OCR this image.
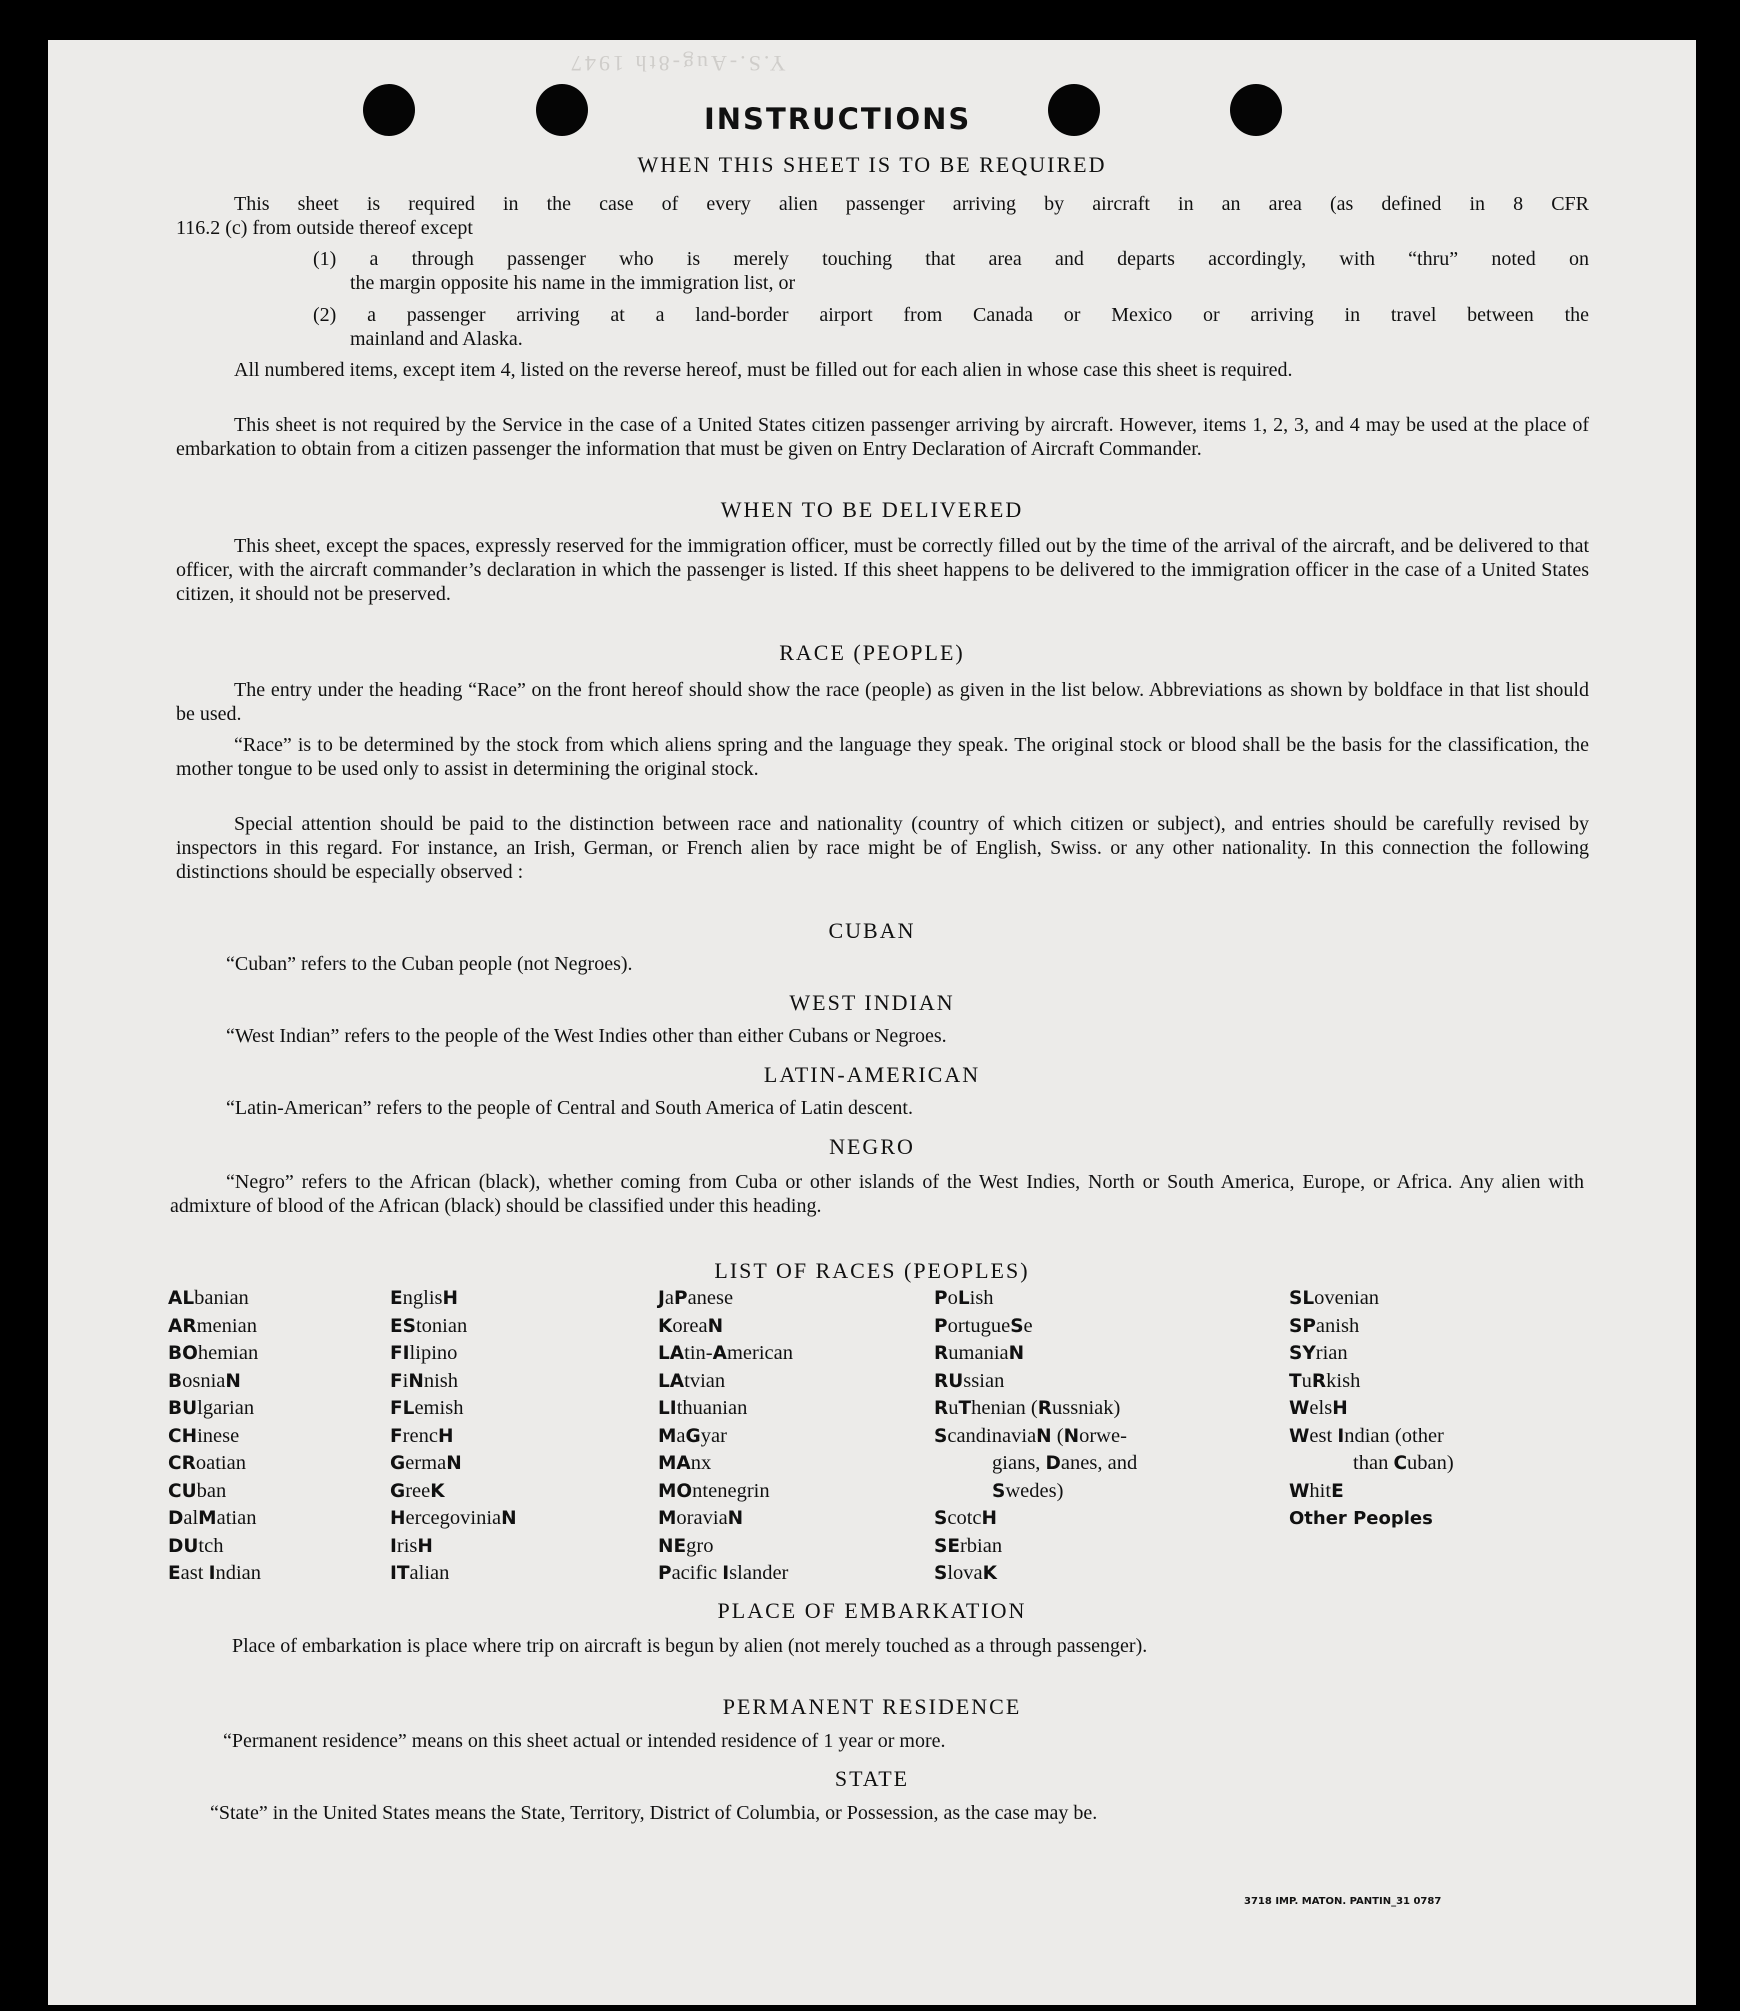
Y.S.-Aug-8th 1947
INSTRUCTIONS
WHEN THIS SHEET IS TO BE REQUIRED
This sheet is required in the case of every alien passenger arriving by aircraft in an area (as defined in 8 CFR
116.2 (c) from outside thereof except
(1) a through passenger who is merely touching that area and departs accordingly, with “thru” noted on
the margin opposite his name in the immigration list, or
(2) a passenger arriving at a land-border airport from Canada or Mexico or arriving in travel between the
mainland and Alaska.
All numbered items, except item 4, listed on the reverse hereof, must be filled out for each alien in whose case this sheet is required.
This sheet is not required by the Service in the case of a United States citizen passenger arriving by aircraft. However, items 1, 2, 3, and 4 may be used at the place of embarkation to obtain from a citizen passenger the information that must be given on Entry Declaration of Aircraft Commander.
WHEN TO BE DELIVERED
This sheet, except the spaces, expressly reserved for the immigration officer, must be correctly filled out by the time of the arrival of the aircraft, and be delivered to that officer, with the aircraft commander’s declaration in which the passenger is listed. If this sheet happens to be delivered to the immigration officer in the case of a United States citizen, it should not be preserved.
RACE (PEOPLE)
The entry under the heading “Race” on the front hereof should show the race (people) as given in the list below. Abbreviations as shown by boldface in that list should be used.
“Race” is to be determined by the stock from which aliens spring and the language they speak. The original stock or blood shall be the basis for the classification, the mother tongue to be used only to assist in determining the original stock.
Special attention should be paid to the distinction between race and nationality (country of which citizen or subject), and entries should be carefully revised by inspectors in this regard. For instance, an Irish, German, or French alien by race might be of English, Swiss. or any other nationality. In this connection the following distinctions should be especially observed :
CUBAN
“Cuban” refers to the Cuban people (not Negroes).
WEST INDIAN
“West Indian” refers to the people of the West Indies other than either Cubans or Negroes.
LATIN-AMERICAN
“Latin-American” refers to the people of Central and South America of Latin descent.
NEGRO
“Negro” refers to the African (black), whether coming from Cuba or other islands of the West Indies, North or South America, Europe, or Africa. Any alien with admixture of blood of the African (black) should be classified under this heading.
LIST OF RACES (PEOPLES)
ALbanian
ARmenian
BOhemian
BosniaN
BUlgarian
CHinese
CRoatian
CUban
DalMatian
DUtch
East Indian
EnglisH
EStonian
FIlipino
FiNnish
FLemish
FrencH
GermaN
GreeK
HercegoviniaN
IrisH
ITalian
JaPanese
KoreaN
LAtin-American
LAtvian
LIthuanian
MaGyar
MAnx
MOntenegrin
MoraviaN
NEgro
Pacific Islander
PoLish
PortugueSe
RumaniaN
RUssian
RuThenian (Russniak)
ScandinaviaN (Norwe-
gians, Danes, and
Swedes)
ScotcH
SErbian
SlovaK
SLovenian
SPanish
SYrian
TuRkish
WelsH
West Indian (other
than Cuban)
WhitE
Other Peoples
PLACE OF EMBARKATION
Place of embarkation is place where trip on aircraft is begun by alien (not merely touched as a through passenger).
PERMANENT RESIDENCE
“Permanent residence” means on this sheet actual or intended residence of 1 year or more.
STATE
“State” in the United States means the State, Territory, District of Columbia, or Possession, as the case may be.
3718 IMP. MATON. PANTIN_31 0787
